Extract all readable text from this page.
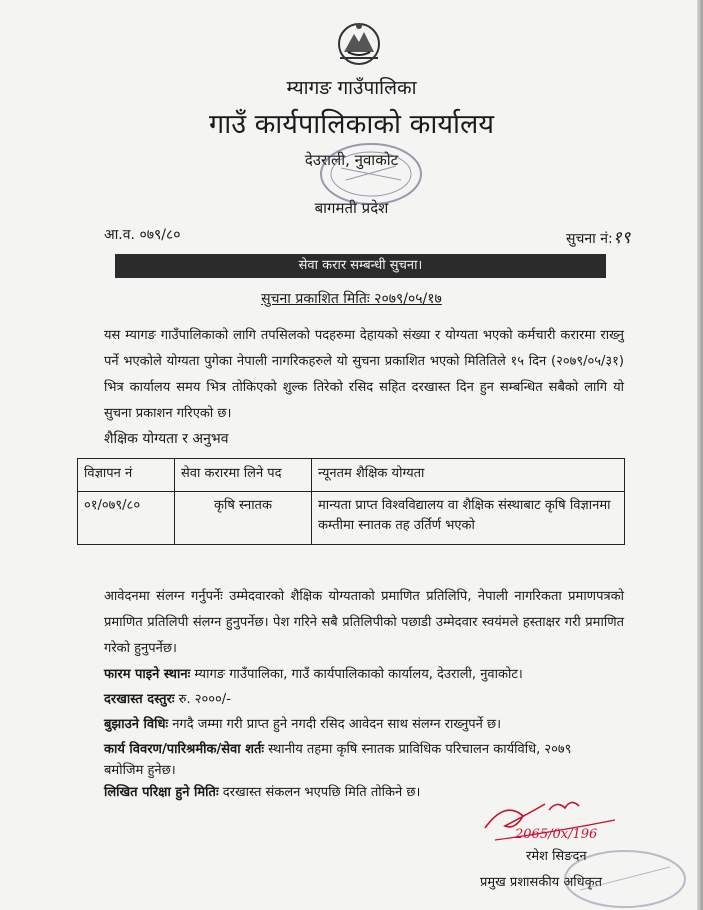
म्यागङ गाउँपालिका
गाउँ कार्यपालिकाको कार्यालय
देउराली, नुवाकोट
बागमती प्रदेश
आ.व. ०७९/८०	सुचना नं:१९
सेवा करार सम्बन्धी सुचना।
सुचना प्रकाशित मितिः २०७९/०५/१७
यस म्यागङ गाउँपालिकाको लागि तपसिलको पदहरुमा देहायको संख्या र योग्यता भएको कर्मचारी करारमा राख्नु पर्ने भएकोले योग्यता पुगेका नेपाली नागरिकहरुले यो सुचना प्रकाशित भएको मितितिले १५ दिन (२०७९/०५/३१) भित्र कार्यालय समय भित्र तोकिएको शुल्क तिरेको रसिद सहित दरखास्त दिन हुन सम्बन्धित सबैको लागि यो सुचना प्रकाशन गरिएको छ।
शैक्षिक योग्यता र अनुभव
विज्ञापन नं	सेवा करारमा लिने पद	न्यूनतम शैक्षिक योग्यता
०१/०७९/८०	कृषि स्नातक	मान्यता प्राप्त विश्वविद्यालय वा शैक्षिक संस्थाबाट कृषि विज्ञानमा कम्तीमा स्नातक तह उर्तिर्ण भएको
आवेदनमा संलग्न गर्नुपर्नेः उम्मेदवारको शैक्षिक योग्यताको प्रमाणित प्रतिलिपि, नेपाली नागरिकता प्रमाणपत्रको प्रमाणित प्रतिलिपी संलग्न हुनुपर्नेछ। पेश गरिने सबै प्रतिलिपीको पछाडी उम्मेदवार स्वयंमले हस्ताक्षर गरी प्रमाणित गरेको हुनुपर्नेछ।
फारम पाइने स्थानः म्यागङ गाउँपालिका, गाउँ कार्यपालिकाको कार्यालय, देउराली, नुवाकोट।
दरखास्त दस्तुरः रु. २०००/-
बुझाउने विधिः नगदै जम्मा गरी प्राप्त हुने नगदी रसिद आवेदन साथ संलग्न राख्नुपर्ने छ।
कार्य विवरण/पारिश्रमीक/सेवा शर्तः स्थानीय तहमा कृषि स्नातक प्राविधिक परिचालन कार्यविधि, २०७९
बमोजिम हुनेछ।
लिखित परिक्षा हुने मितिः दरखास्त संकलन भएपछि मिति तोकिने छ।
2065/0x/196
रमेश सिङदन
प्रमुख प्रशासकीय अधिकृत
